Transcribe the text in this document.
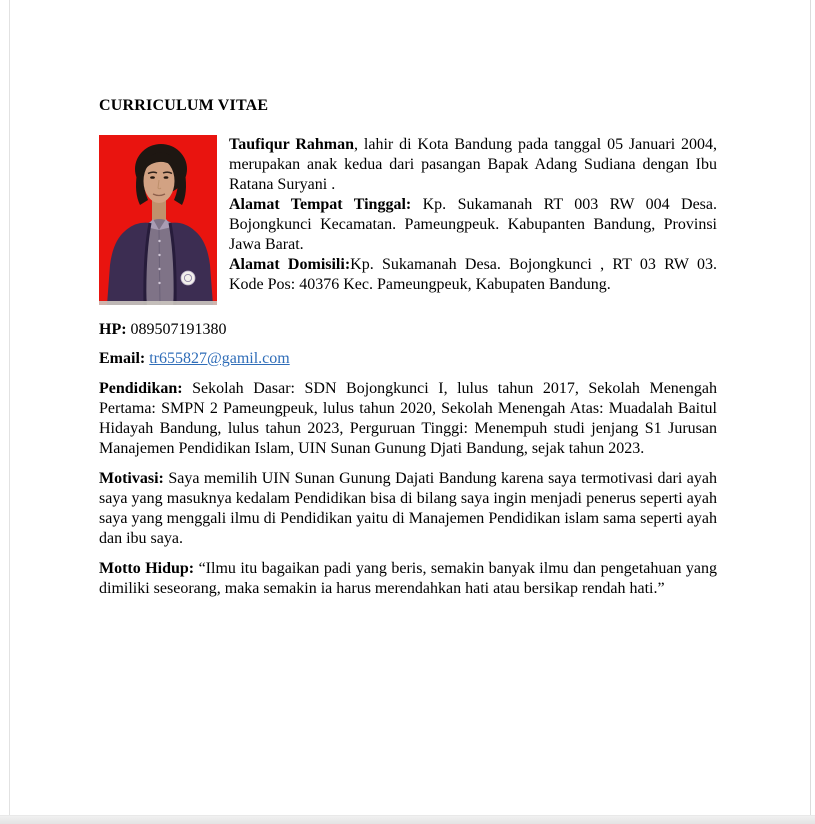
CURRICULUM VITAE

Taufiqur Rahman, lahir di Kota Bandung pada tanggal 05 Januari 2004, merupakan anak kedua dari pasangan Bapak Adang Sudiana dengan Ibu Ratana Suryani .

Alamat Tempat Tinggal: Kp. Sukamanah RT 003 RW 004 Desa. Bojongkunci Kecamatan. Pameungpeuk. Kabupanten Bandung, Provinsi Jawa Barat.

Alamat Domisili:Kp. Sukamanah Desa. Bojongkunci , RT 03 RW 03. Kode Pos: 40376 Kec. Pameungpeuk, Kabupaten Bandung.

HP: 089507191380

Email: tr655827@gamil.com

Pendidikan: Sekolah Dasar: SDN Bojongkunci I, lulus tahun 2017, Sekolah Menengah Pertama: SMPN 2 Pameungpeuk, lulus tahun 2020, Sekolah Menengah Atas: Muadalah Baitul Hidayah Bandung, lulus tahun 2023, Perguruan Tinggi: Menempuh studi jenjang S1 Jurusan Manajemen Pendidikan Islam, UIN Sunan Gunung Djati Bandung, sejak tahun 2023.

Motivasi: Saya memilih UIN Sunan Gunung Dajati Bandung karena saya termotivasi dari ayah saya yang masuknya kedalam Pendidikan bisa di bilang saya ingin menjadi penerus seperti ayah saya yang menggali ilmu di Pendidikan yaitu di Manajemen Pendidikan islam sama seperti ayah dan ibu saya.

Motto Hidup: “Ilmu itu bagaikan padi yang beris, semakin banyak ilmu dan pengetahuan yang dimiliki seseorang, maka semakin ia harus merendahkan hati atau bersikap rendah hati.”
